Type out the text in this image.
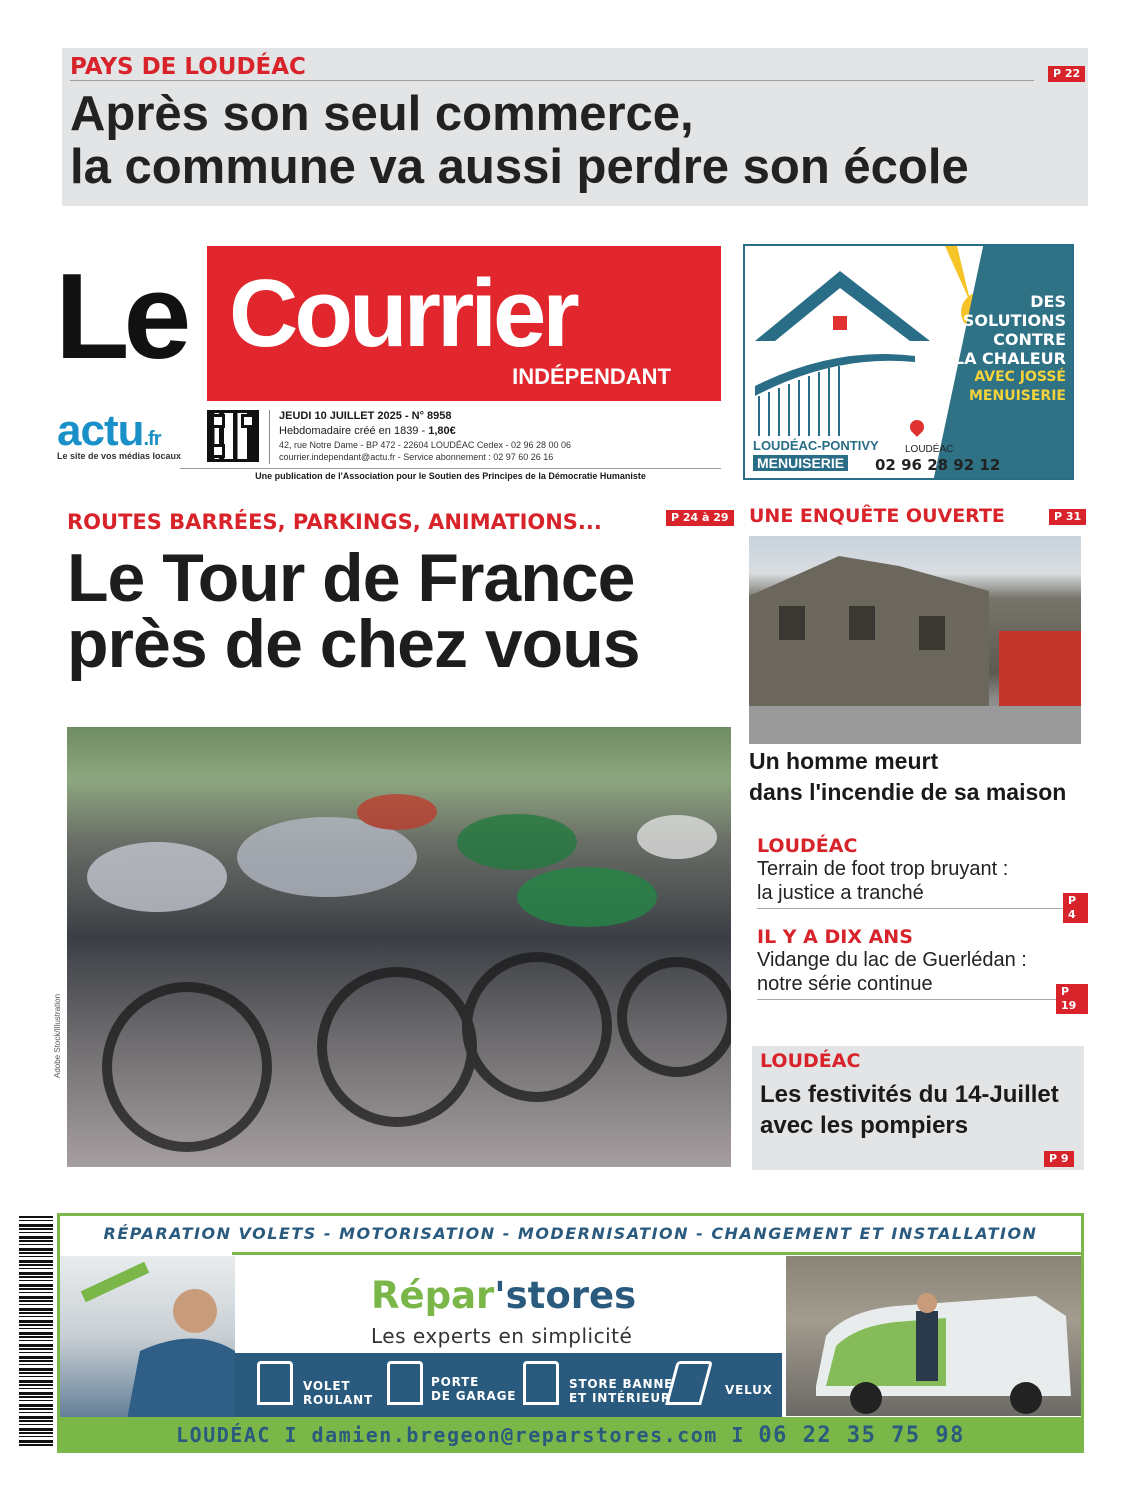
PAYS DE LOUDÉAC	P 22
Après son seul commerce,
la commune va aussi perdre son école
Le Courrier
INDÉPENDANT
actu.fr
Le site de vos médias locaux
JEUDI 10 JUILLET 2025 - N° 8958
Hebdomadaire créé en 1839 - 1,80€
42, rue Notre Dame - BP 472 - 22604 LOUDÉAC Cedex - 02 96 28 00 06
courrier.independant@actu.fr - Service abonnement : 02 97 60 26 16
Une publication de l'Association pour le Soutien des Principes de la Démocratie Humaniste
DES
SOLUTIONS
CONTRE
LA CHALEUR
AVEC JOSSÉ
MENUISERIE
LOUDÉAC-PONTIVY
MENUISERIE
LOUDÉAC
02 96 28 92 12
ROUTES BARRÉES, PARKINGS, ANIMATIONS...	P 24 à 29
Le Tour de France
près de chez vous
Adobe Stock/Illustration
UNE ENQUÊTE OUVERTE	P 31
Un homme meurt
dans l'incendie de sa maison
LOUDÉAC
Terrain de foot trop bruyant :
la justice a tranché	P 4
IL Y A DIX ANS
Vidange du lac de Guerlédan :
notre série continue	P 19
LOUDÉAC
Les festivités du 14-Juillet
avec les pompiers
P 9
RÉPARATION VOLETS - MOTORISATION - MODERNISATION - CHANGEMENT ET INSTALLATION
Répar'stores
Les experts en simplicité
VOLET
ROULANT
PORTE
DE GARAGE
STORE BANNE
ET INTÉRIEUR
VELUX
LOUDÉAC I damien.bregeon@reparstores.com I 06 22 35 75 98
